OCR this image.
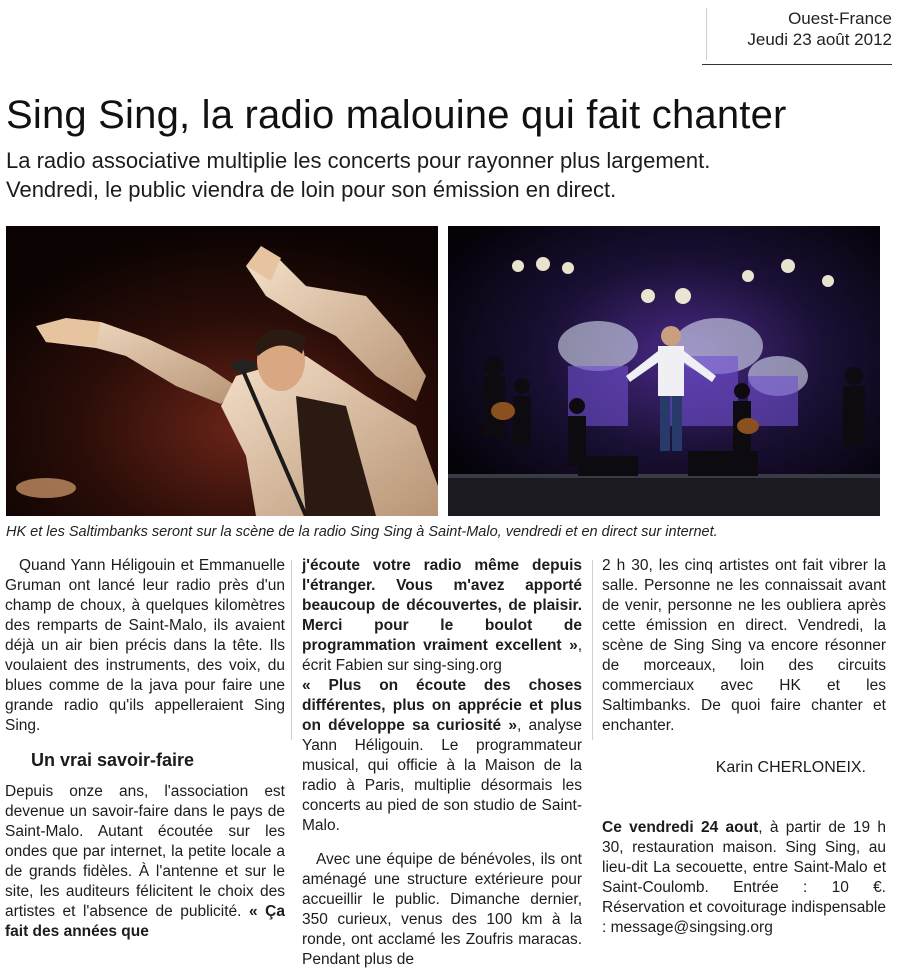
Ouest-France
Jeudi 23 août 2012
Sing Sing, la radio malouine qui fait chanter
La radio associative multiplie les concerts pour rayonner plus largement.
Vendredi, le public viendra de loin pour son émission en direct.
HK et les Saltimbanks seront sur la scène de la radio Sing Sing à Saint-Malo, vendredi et en direct sur internet.

Quand Yann Héligouin et Emmanuelle Gruman ont lancé leur radio près d'un champ de choux, à quelques kilomètres des remparts de Saint-Malo, ils avaient déjà un air bien précis dans la tête. Ils voulaient des instruments, des voix, du blues comme de la java pour faire une grande radio qu'ils appelleraient Sing Sing.

Un vrai savoir-faire

Depuis onze ans, l'association est devenue un savoir-faire dans le pays de Saint-Malo. Autant écoutée sur les ondes que par internet, la petite locale a de grands fidèles. À l'antenne et sur le site, les auditeurs félicitent le choix des artistes et l'absence de publicité. « Ça fait des années que

j'écoute votre radio même depuis l'étranger. Vous m'avez apporté beaucoup de découvertes, de plaisir. Merci pour le boulot de programmation vraiment excellent », écrit Fabien sur sing-sing.org

« Plus on écoute des choses différentes, plus on apprécie et plus on développe sa curiosité », analyse Yann Héligouin. Le programmateur musical, qui officie à la Maison de la radio à Paris, multiplie désormais les concerts au pied de son studio de Saint-Malo.

Avec une équipe de bénévoles, ils ont aménagé une structure extérieure pour accueillir le public. Dimanche dernier, 350 curieux, venus des 100 km à la ronde, ont acclamé les Zoufris maracas. Pendant plus de

2 h 30, les cinq artistes ont fait vibrer la salle. Personne ne les connaissait avant de venir, personne ne les oubliera après cette émission en direct. Vendredi, la scène de Sing Sing va encore résonner de morceaux, loin des circuits commerciaux avec HK et les Saltimbanks. De quoi faire chanter et enchanter.

Karin CHERLONEIX.

Ce vendredi 24 aout, à partir de 19 h 30, restauration maison. Sing Sing, au lieu-dit La secouette, entre Saint-Malo et Saint-Coulomb. Entrée : 10 €. Réservation et covoiturage indispensable : message@singsing.org
